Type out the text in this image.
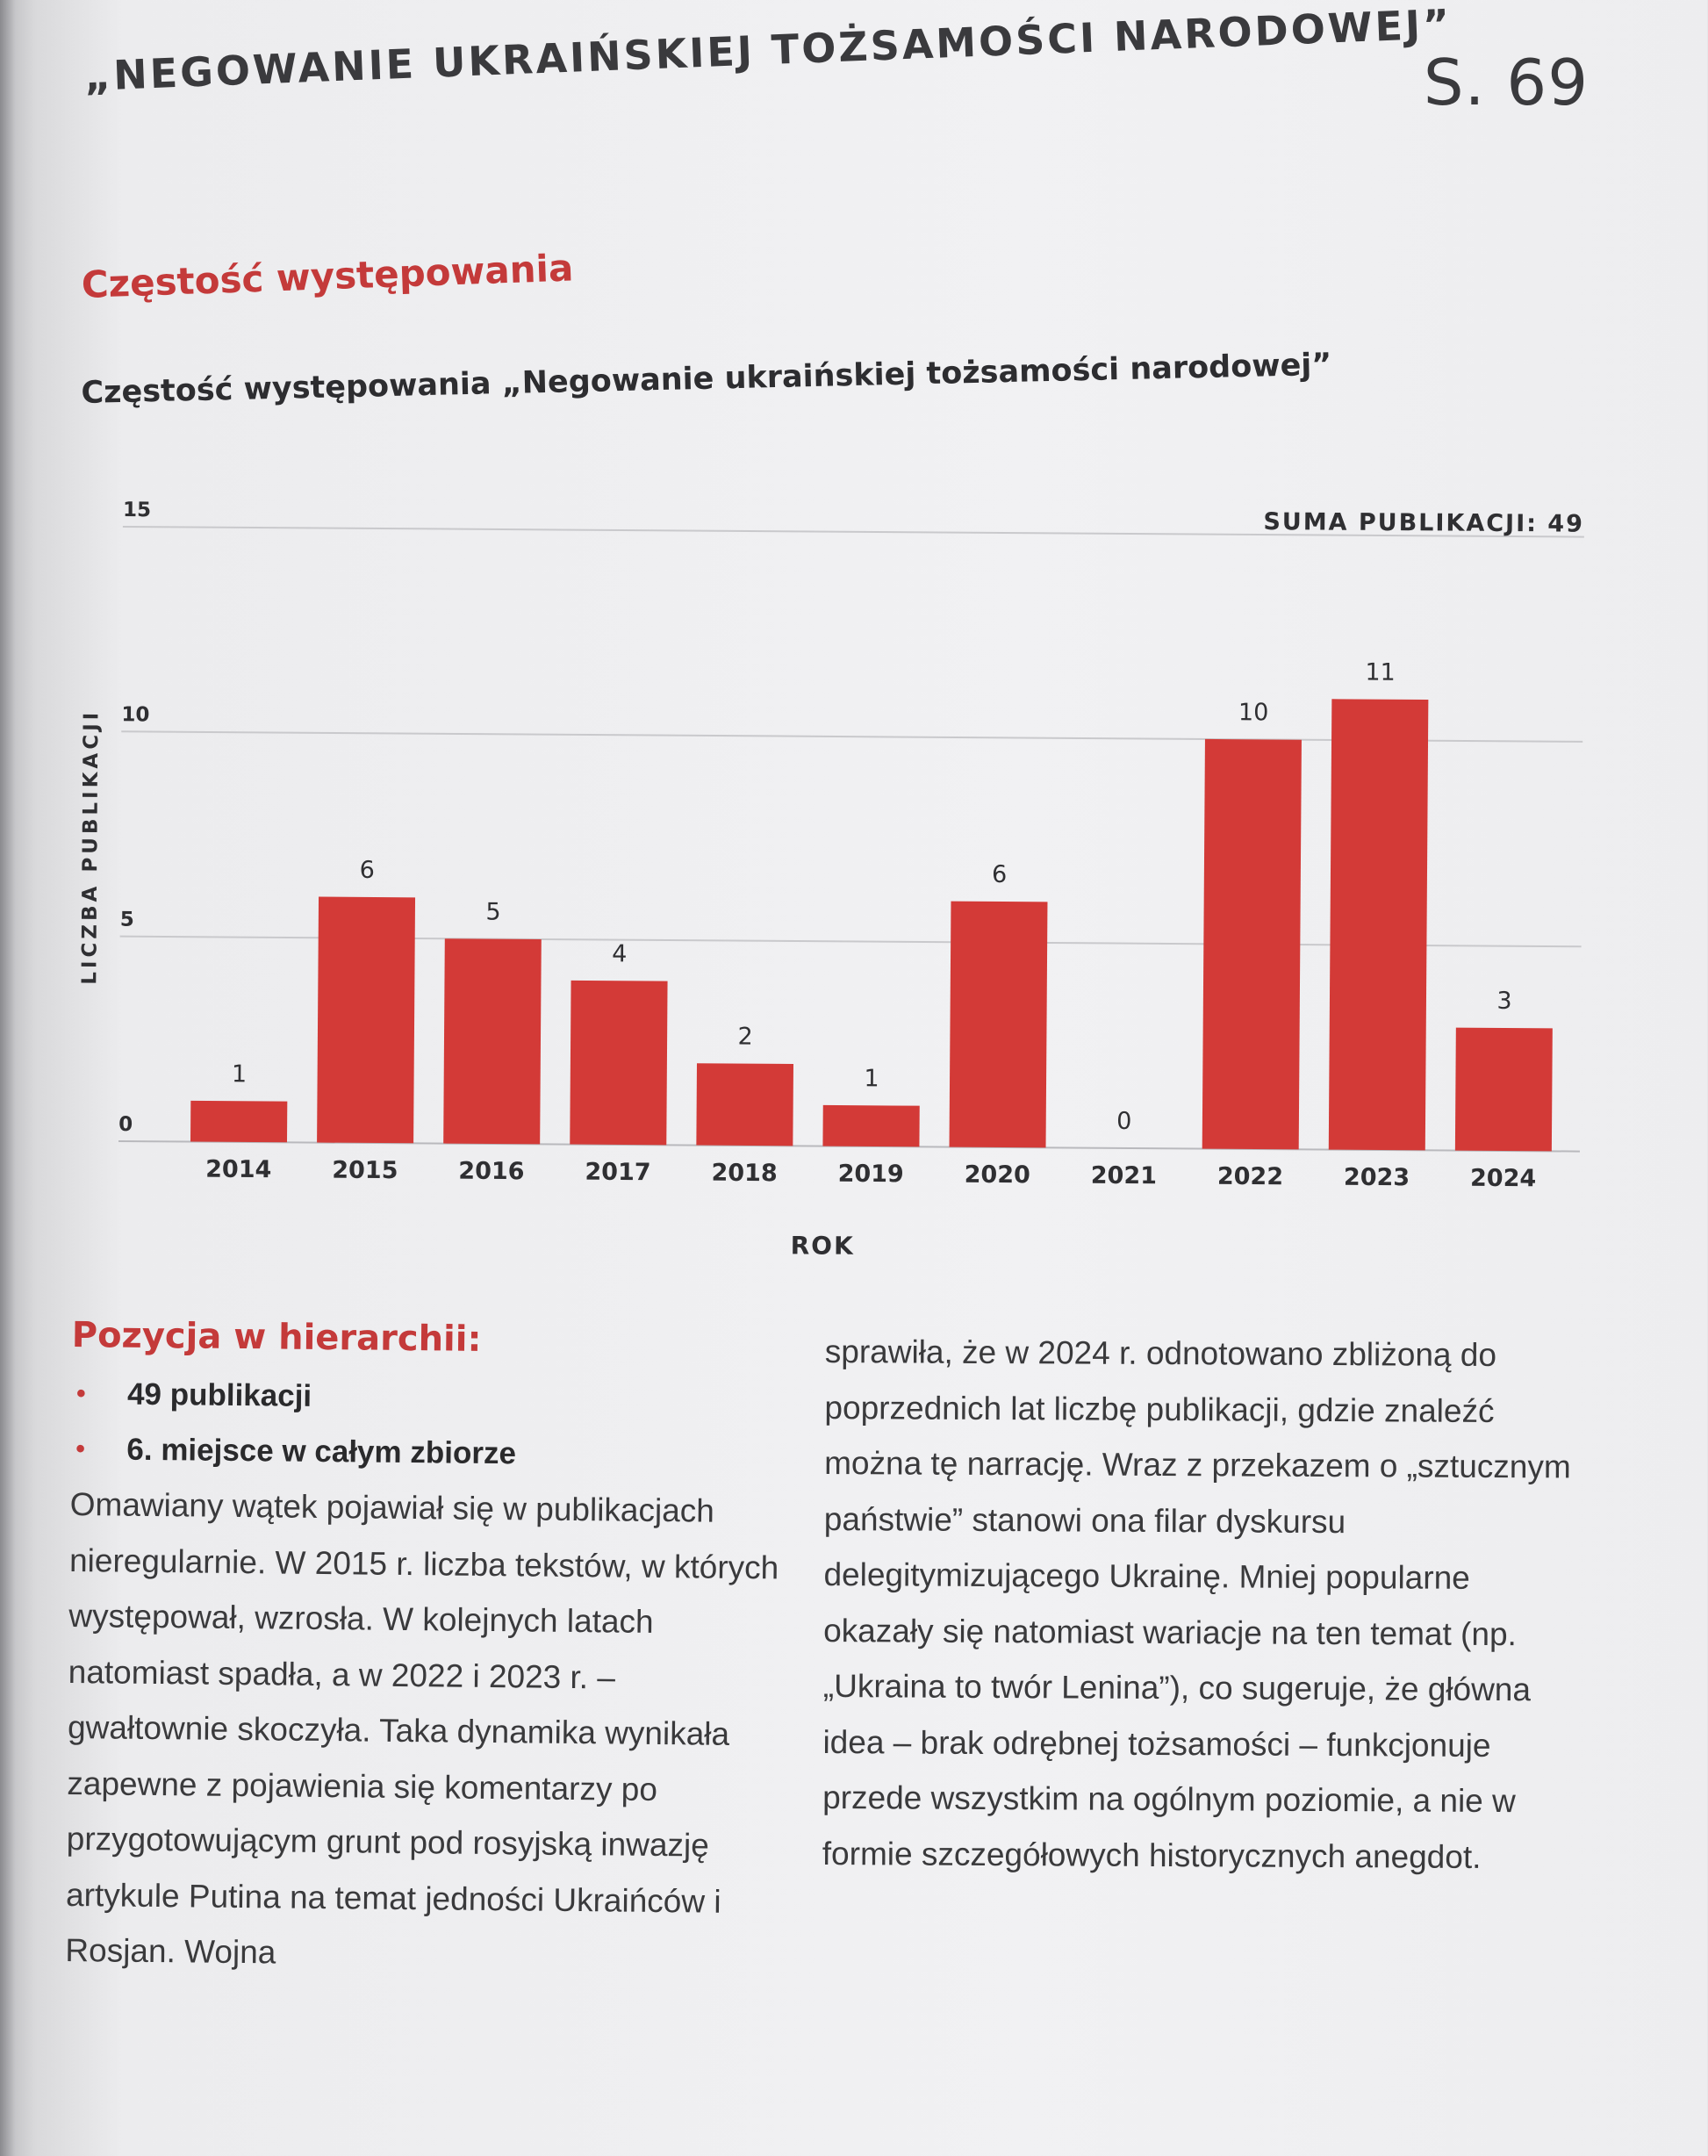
„NEGOWANIE UKRAIŃSKIEJ TOŻSAMOŚCI NARODOWEJ”
S. 69
Częstość występowania
Częstość występowania „Negowanie ukraińskiej tożsamości narodowej”
1
6
5
4
2
1
6
0
10
11
3
2014	2015	2016	2017	2018	2019	2020	2021	2022	2023	2024
0
5
10
15	SUMA PUBLIKACJI: 49
ROK
LICZBA PUBLIKACJI
Pozycja w hierarchii:
• 49 publikacji
• 6. miejsce w całym zbiorze

Omawiany wątek pojawiał się w publikacjach nieregularnie. W 2015 r. liczba tekstów, w których występował, wzrosła. W kolejnych latach natomiast spadła, a w 2022 i 2023 r. – gwałtownie skoczyła. Taka dynamika wynikała zapewne z pojawienia się komentarzy po przygotowującym grunt pod rosyjską inwazję artykule Putina na temat jedności Ukraińców i Rosjan. Wojna

sprawiła, że w 2024 r. odnotowano zbliżoną do poprzednich lat liczbę publikacji, gdzie znaleźć można tę narrację. Wraz z przekazem o „sztucznym państwie” stanowi ona filar dyskursu delegitymizującego Ukrainę. Mniej popularne okazały się natomiast wariacje na ten temat (np. „Ukraina to twór Lenina”), co sugeruje, że główna idea – brak odrębnej tożsamości – funkcjonuje przede wszystkim na ogólnym poziomie, a nie w formie szczegółowych historycznych anegdot.
